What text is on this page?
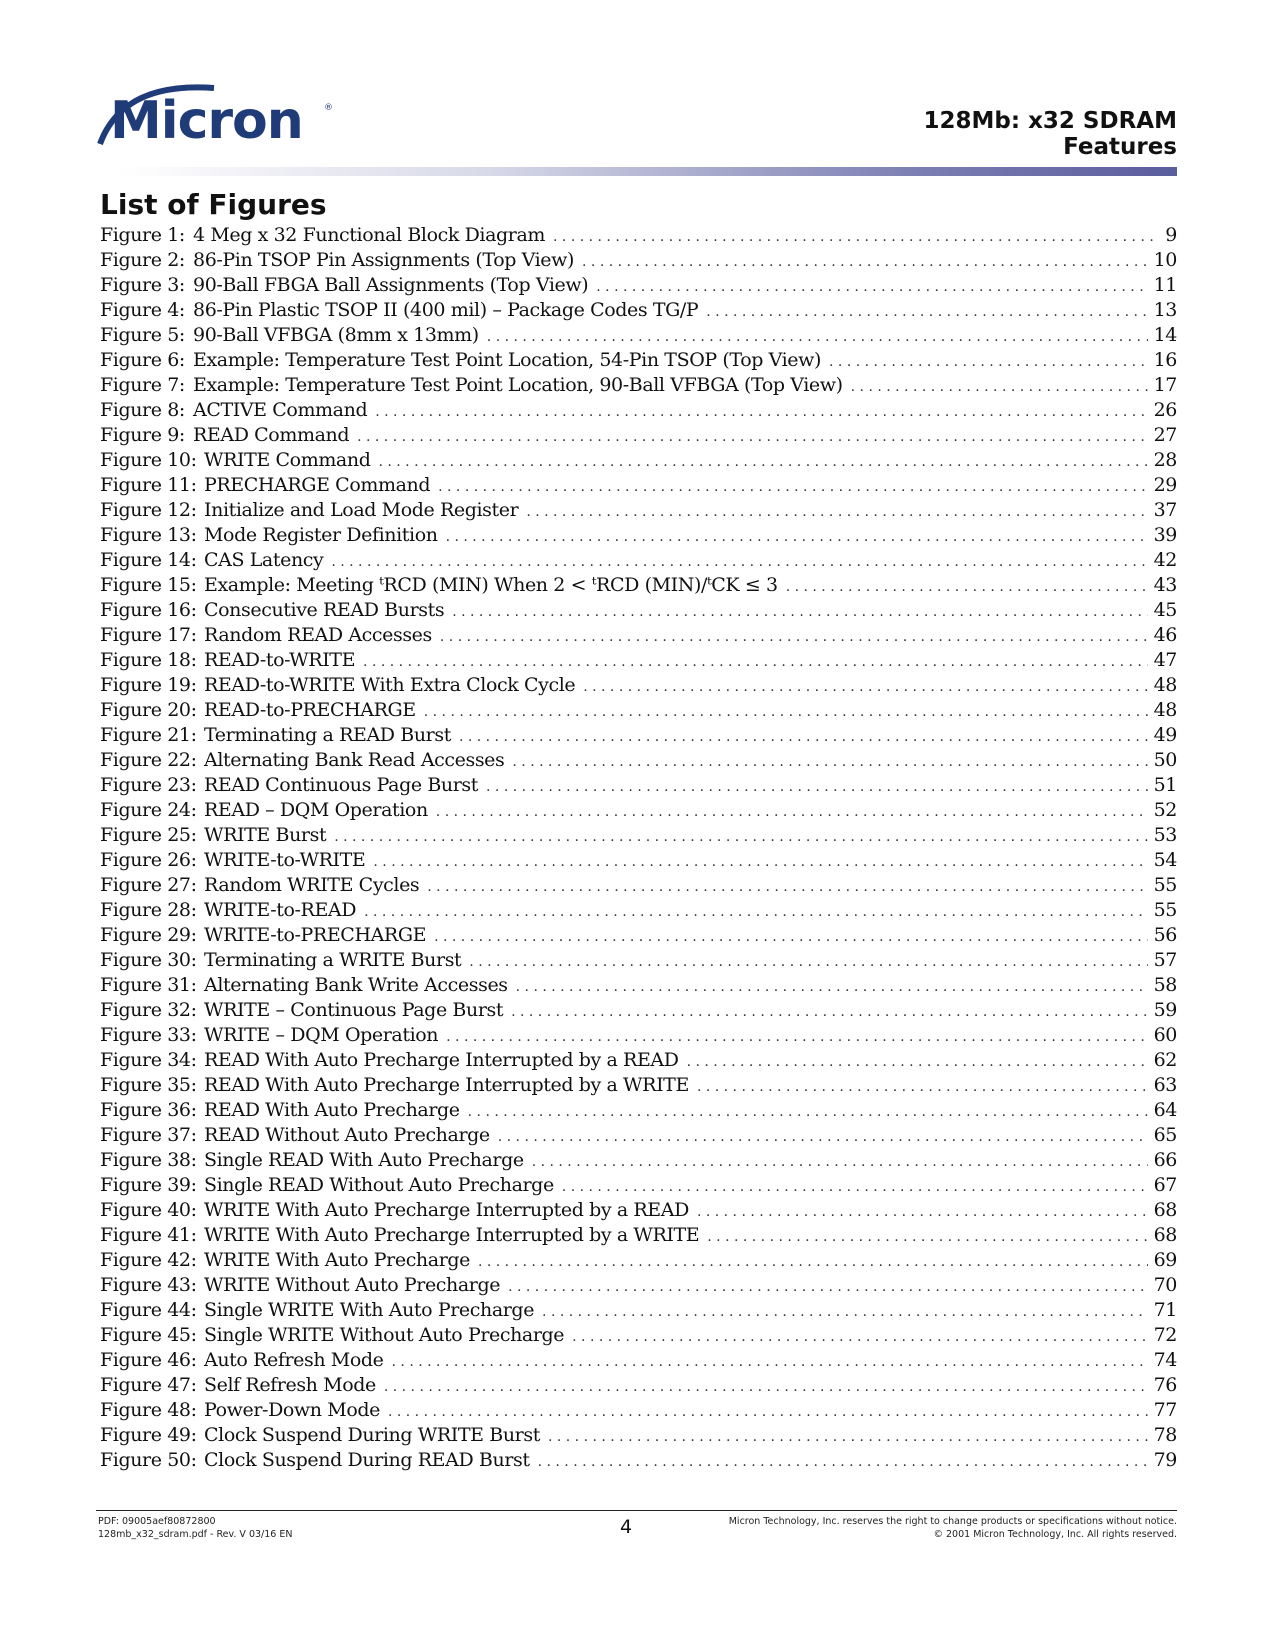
Micron ®	128Mb: x32 SDRAM
Features
List of Figures
Figure 1: 4 Meg x 32 Functional Block Diagram . . .	9
Figure 2: 86-Pin TSOP Pin Assignments (Top View) . . .	10
Figure 3: 90-Ball FBGA Ball Assignments (Top View) . . .	11
Figure 4: 86-Pin Plastic TSOP II (400 mil) – Package Codes TG/P . . .	13
Figure 5: 90-Ball VFBGA (8mm x 13mm) . . .	14
Figure 6: Example: Temperature Test Point Location, 54-Pin TSOP (Top View) . . .	16
Figure 7: Example: Temperature Test Point Location, 90-Ball VFBGA (Top View) . . .	17
Figure 8: ACTIVE Command . . .	26
Figure 9: READ Command . . .	27
Figure 10: WRITE Command . . .	28
Figure 11: PRECHARGE Command . . .	29
Figure 12: Initialize and Load Mode Register . . .	37
Figure 13: Mode Register Definition . . .	39
Figure 14: CAS Latency . . .	42
Figure 15: Example: Meeting ᵗRCD (MIN) When 2 < ᵗRCD (MIN)/ᵗCK ≤ 3 . . .	43
Figure 16: Consecutive READ Bursts . . .	45
Figure 17: Random READ Accesses . . .	46
Figure 18: READ-to-WRITE . . .	47
Figure 19: READ-to-WRITE With Extra Clock Cycle . . .	48
Figure 20: READ-to-PRECHARGE . . .	48
Figure 21: Terminating a READ Burst . . .	49
Figure 22: Alternating Bank Read Accesses . . .	50
Figure 23: READ Continuous Page Burst . . .	51
Figure 24: READ – DQM Operation . . .	52
Figure 25: WRITE Burst . . .	53
Figure 26: WRITE-to-WRITE . . .	54
Figure 27: Random WRITE Cycles . . .	55
Figure 28: WRITE-to-READ . . .	55
Figure 29: WRITE-to-PRECHARGE . . .	56
Figure 30: Terminating a WRITE Burst . . .	57
Figure 31: Alternating Bank Write Accesses . . .	58
Figure 32: WRITE – Continuous Page Burst . . .	59
Figure 33: WRITE – DQM Operation . . .	60
Figure 34: READ With Auto Precharge Interrupted by a READ . . .	62
Figure 35: READ With Auto Precharge Interrupted by a WRITE . . .	63
Figure 36: READ With Auto Precharge . . .	64
Figure 37: READ Without Auto Precharge . . .	65
Figure 38: Single READ With Auto Precharge . . .	66
Figure 39: Single READ Without Auto Precharge . . .	67
Figure 40: WRITE With Auto Precharge Interrupted by a READ . . .	68
Figure 41: WRITE With Auto Precharge Interrupted by a WRITE . . .	68
Figure 42: WRITE With Auto Precharge . . .	69
Figure 43: WRITE Without Auto Precharge . . .	70
Figure 44: Single WRITE With Auto Precharge . . .	71
Figure 45: Single WRITE Without Auto Precharge . . .	72
Figure 46: Auto Refresh Mode . . .	74
Figure 47: Self Refresh Mode . . .	76
Figure 48: Power-Down Mode . . .	77
Figure 49: Clock Suspend During WRITE Burst . . .	78
Figure 50: Clock Suspend During READ Burst . . .	79
PDF: 09005aef80872800
128mb_x32_sdram.pdf - Rev. V 03/16 EN	4	Micron Technology, Inc. reserves the right to change products or specifications without notice.
© 2001 Micron Technology, Inc. All rights reserved.
